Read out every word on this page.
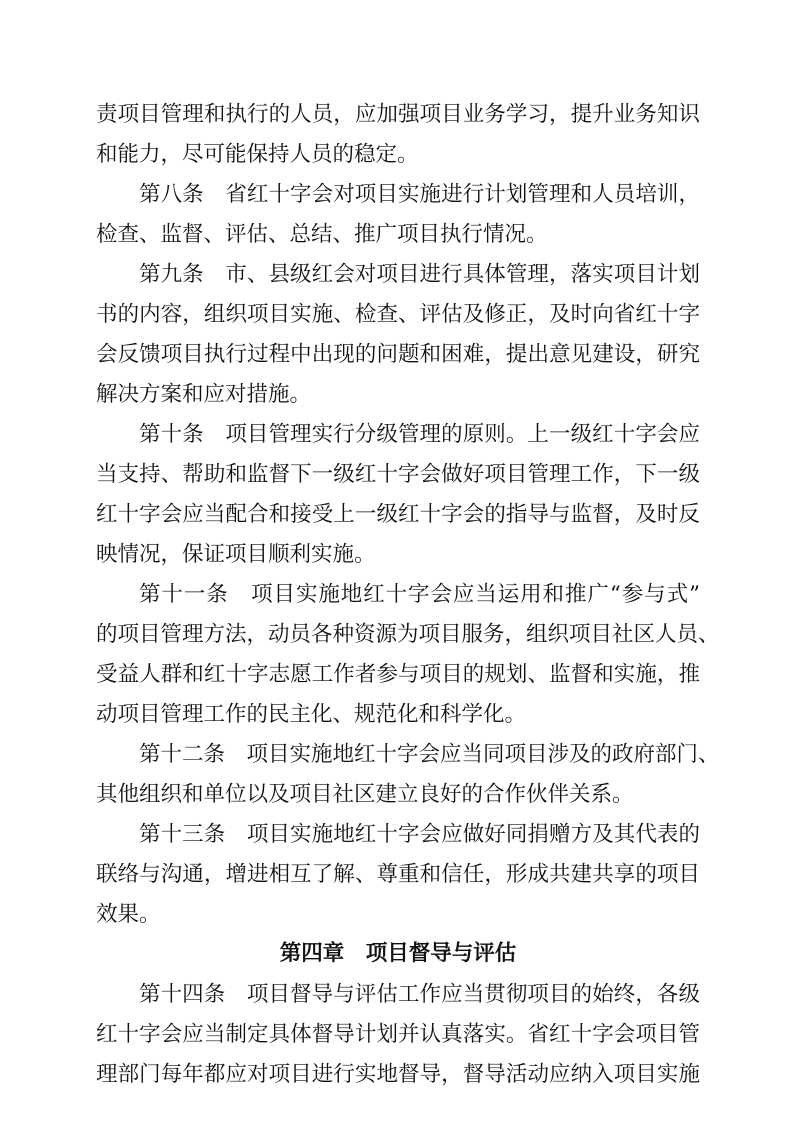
责项目管理和执行的人员，应加强项目业务学习，提升业务知识
和能力，尽可能保持人员的稳定。
第八条　省红十字会对项目实施进行计划管理和人员培训，
检查、监督、评估、总结、推广项目执行情况。
第九条　市、县级红会对项目进行具体管理，落实项目计划
书的内容，组织项目实施、检查、评估及修正，及时向省红十字
会反馈项目执行过程中出现的问题和困难，提出意见建设，研究
解决方案和应对措施。
第十条　项目管理实行分级管理的原则。上一级红十字会应
当支持、帮助和监督下一级红十字会做好项目管理工作，下一级
红十字会应当配合和接受上一级红十字会的指导与监督，及时反
映情况，保证项目顺利实施。
第十一条　项目实施地红十字会应当运用和推广“参与式”
的项目管理方法，动员各种资源为项目服务，组织项目社区人员、
受益人群和红十字志愿工作者参与项目的规划、监督和实施，推
动项目管理工作的民主化、规范化和科学化。
第十二条　项目实施地红十字会应当同项目涉及的政府部门、
其他组织和单位以及项目社区建立良好的合作伙伴关系。
第十三条　项目实施地红十字会应做好同捐赠方及其代表的
联络与沟通，增进相互了解、尊重和信任，形成共建共享的项目
效果。
第四章　项目督导与评估
第十四条　项目督导与评估工作应当贯彻项目的始终，各级
红十字会应当制定具体督导计划并认真落实。省红十字会项目管
理部门每年都应对项目进行实地督导，督导活动应纳入项目实施
